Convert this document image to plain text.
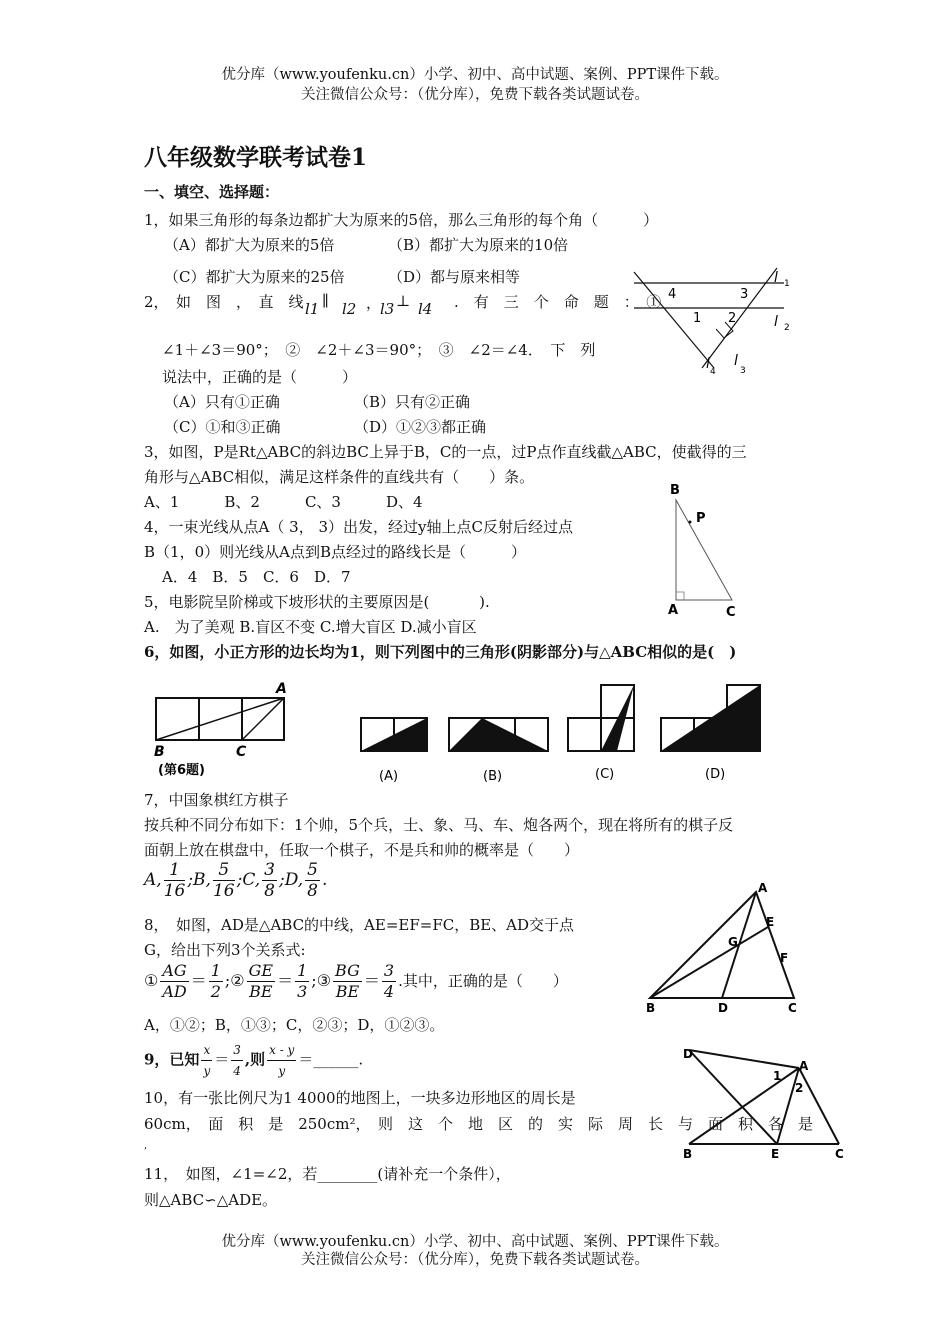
优分库（www.youfenku.cn）小学、初中、高中试题、案例、PPT课件下载。
关注微信公众号：（优分库），免费下载各类试题试卷。
八年级数学联考试卷1
一、填空、选择题：
1，如果三角形的每条边都扩大为原来的5倍，那么三角形的每个角（　　　）
（A）都扩大为原来的5倍	（B）都扩大为原来的10倍
（C）都扩大为原来的25倍	（D）都与原来相等
2，　如　图　，　直　线 l1 ∥ l2 ，
l3 ⊥ l4 .　有　三　个　命　题　：　①
∠1＋∠3＝90°；　②　∠2＋∠3＝90°；　③　∠2＝∠4．　下　列
说法中，正确的是（　　　）
（A）只有①正确	（B）只有②正确
（C）①和③正确	（D）①②③都正确
l 1
l 2
l 4
l
3
4	3
1 2
3，如图，P是Rt△ABC的斜边BC上异于B，C的一点，过P点作直线截△ABC，使截得的三
角形与△ABC相似，满足这样条件的直线共有（　　）条。
A、1　　　B、2　　　C、3　　　D、4
B
P
A	C
4，一束光线从点A（ 3， 3）出发，经过y轴上点C反射后经过点
B（1，0）则光线从A点到B点经过的路线长是（　　　）
A．4　B．5　C．6　D．7
5，电影院呈阶梯或下坡形状的主要原因是(　　　 ).
A.　为了美观 B.盲区不变 C.增大盲区 D.减小盲区
6，如图，小正方形的边长均为1，则下列图中的三角形(阴影部分)与△ABC相似的是(　)
A
B	C
(第6题)	(A)	(B)	(C)	(D)
7，中国象棋红方棋子
按兵种不同分布如下：1个帅，5个兵，士、象、马、车、炮各两个，现在将所有的棋子反
面朝上放在棋盘中，任取一个棋子，不是兵和帅的概率是（　　）
A, $\frac{1}{16}$ ;B, $\frac{5}{16}$ ;C, $\frac{3}{8}$ ;D, $\frac{5}{8}$ .
8，　如图，AD是△ABC的中线，AE=EF=FC，BE、AD交于点
G，给出下列3个关系式:
① $\frac{AG}{AD} = \frac{1}{2}$ ;② $\frac{GE}{BE} = \frac{1}{3}$ ;③ $\frac{BG}{BE} = \frac{3}{4}$ .其中，正确的是（　　）
A，①②；B，①③；C，②③；D，①②③。
A
E
G
F
B	D	C
9，已知 $\frac{x}{y} = \frac{3}{4}$ ,则 $\frac{x - y}{y}$ ＝______.
10，有一张比例尺为1 4000的地图上，一块多边形地区的周长是
60cm，　面　积　是　250cm²，　则　这　个　地　区　的　实　际　周　长　与　面　积　各　是
,
D
A
1
2
B	E	C
11，　如图，∠1=∠2，若________(请补充一个条件），
则△ABC∽△ADE。
优分库（www.youfenku.cn）小学、初中、高中试题、案例、PPT课件下载。
关注微信公众号：（优分库），免费下载各类试题试卷。
